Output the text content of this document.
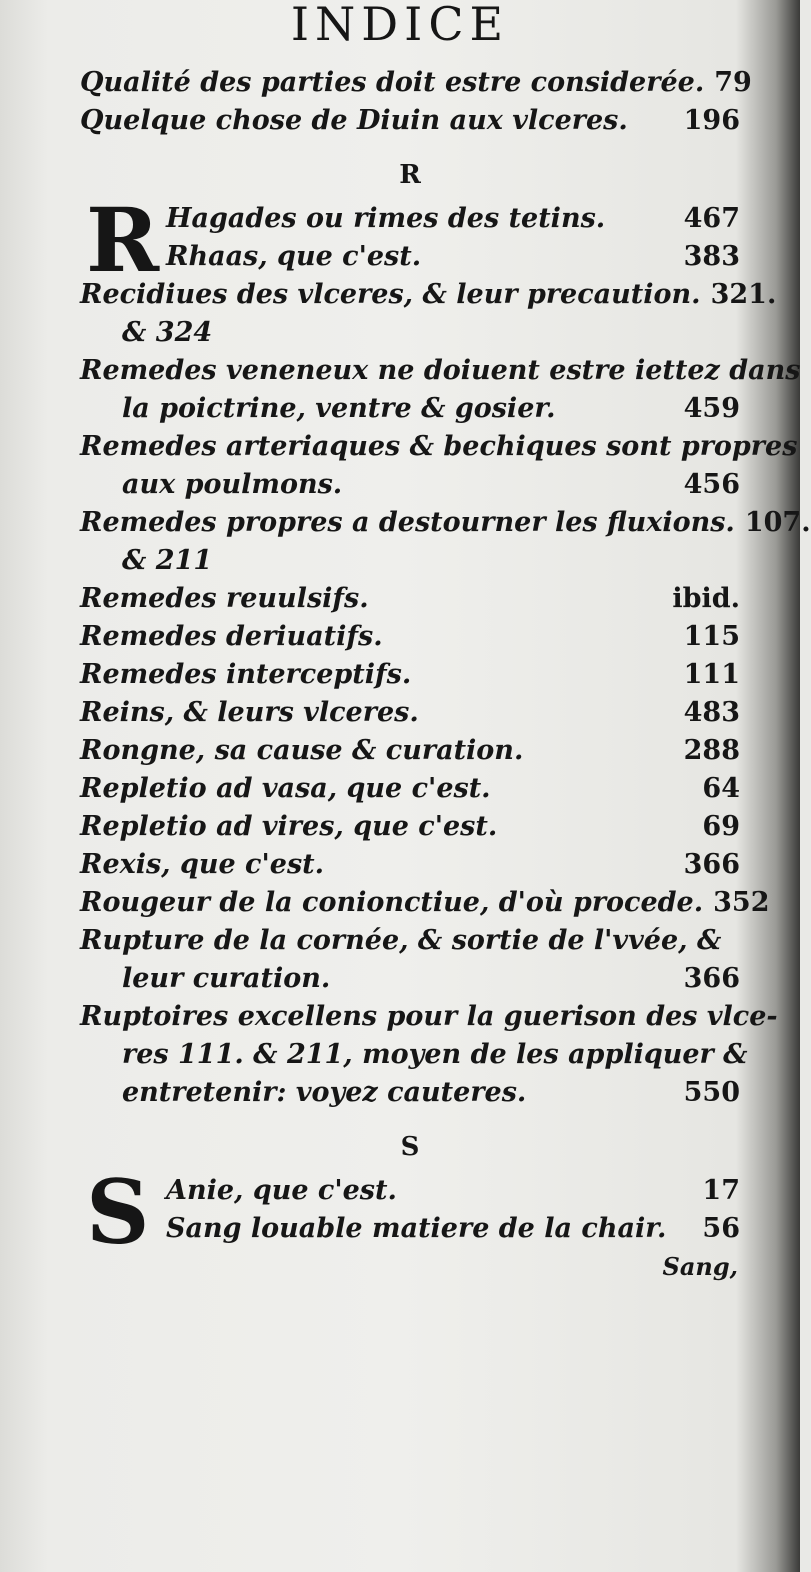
INDICE
Qualité des parties doit estre considerée. 79
Quelque chose de Diuin aux vlceres. 196
R
R Hagades ou rimes des tetins.	467
Rhaas, que c'est.	383
Recidiues des vlceres, & leur precaution. 321.
& 324
Remedes veneneux ne doiuent estre iettez dans
la poictrine, ventre & gosier.	459
Remedes arteriaques & bechiques sont propres
aux poulmons.	456
Remedes propres a destourner les fluxions. 107.
& 211
Remedes reuulsifs.	ibid.
Remedes deriuatifs.	115
Remedes interceptifs.	111
Reins, & leurs vlceres.	483
Rongne, sa cause & curation.	288
Repletio ad vasa, que c'est.	64
Repletio ad vires, que c'est.	69
Rexis, que c'est.	366
Rougeur de la conionctiue, d'où procede. 352
Rupture de la cornée, & sortie de l'vvée, &
leur curation.	366
Ruptoires excellens pour la guerison des vlce-
res 111. & 211, moyen de les appliquer &
entretenir: voyez cauteres.	550
S
S Anie, que c'est.	17
Sang louable matiere de la chair. 56
Sang,
